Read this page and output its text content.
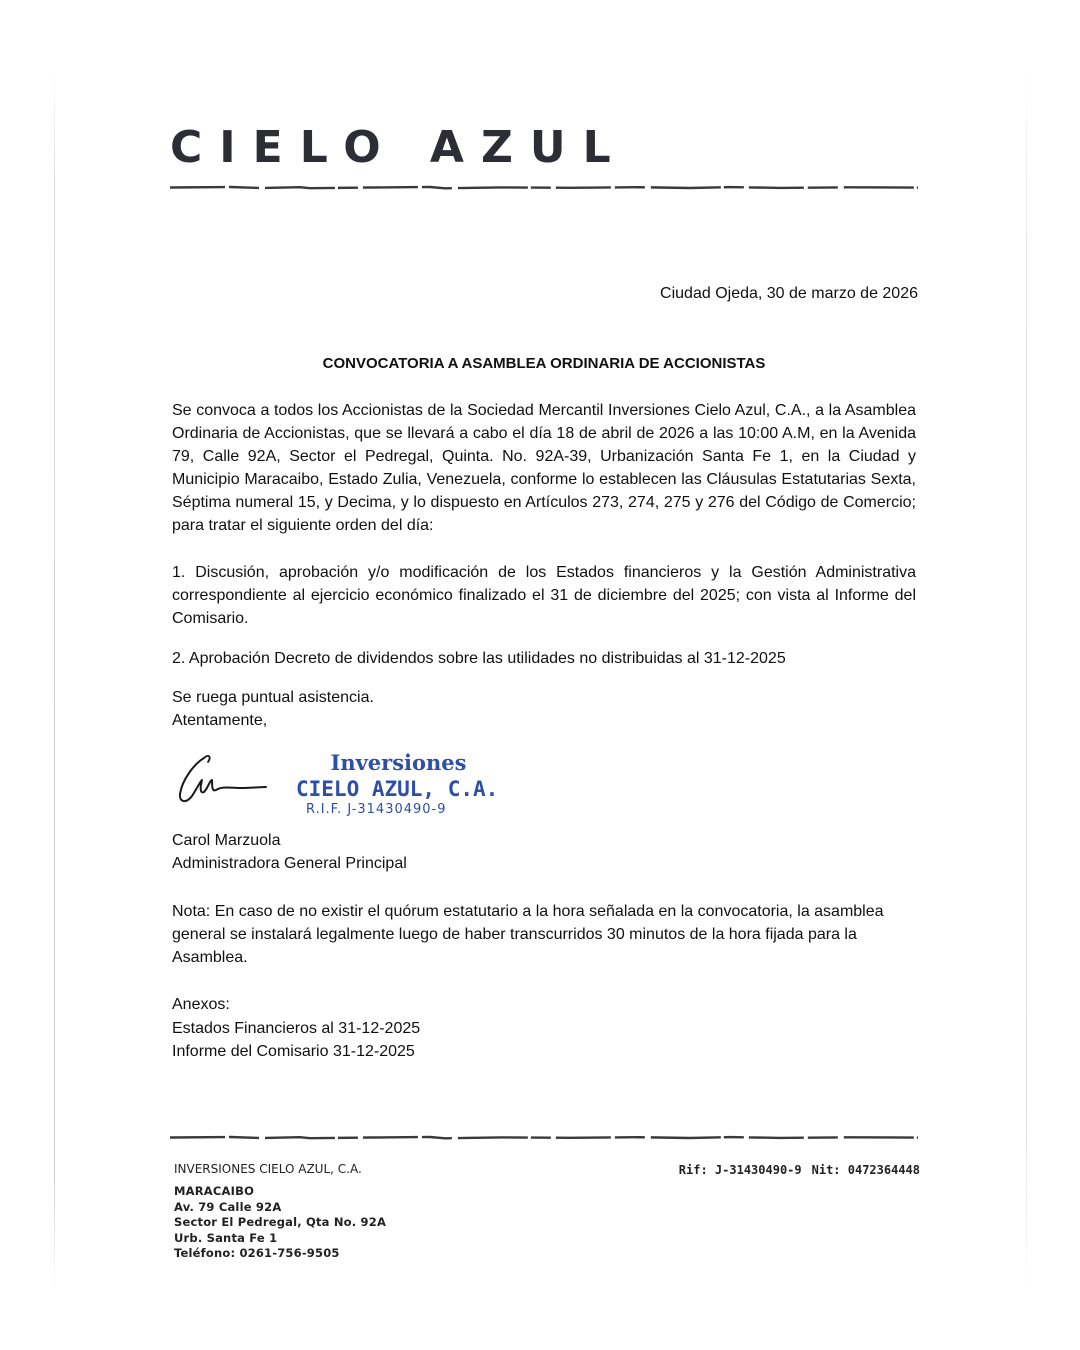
CIELO AZUL
Ciudad Ojeda, 30 de marzo de 2026
CONVOCATORIA A ASAMBLEA ORDINARIA DE ACCIONISTAS
Se convoca a todos los Accionistas de la Sociedad Mercantil Inversiones Cielo Azul, C.A., a la Asamblea Ordinaria de Accionistas, que se llevará a cabo el día 18 de abril de 2026 a las 10:00 A.M, en la Avenida 79, Calle 92A, Sector el Pedregal, Quinta. No. 92A-39, Urbanización Santa Fe 1, en la Ciudad y Municipio Maracaibo, Estado Zulia, Venezuela, conforme lo establecen las Cláusulas Estatutarias Sexta, Séptima numeral 15, y Decima, y lo dispuesto en Artículos 273, 274, 275 y 276 del Código de Comercio; para tratar el siguiente orden del día:
1. Discusión, aprobación y/o modificación de los Estados financieros y la Gestión Administrativa correspondiente al ejercicio económico finalizado el 31 de diciembre del 2025; con vista al Informe del Comisario.
2. Aprobación Decreto de dividendos sobre las utilidades no distribuidas al 31-12-2025
Se ruega puntual asistencia.
Atentamente,
Inversiones
CIELO AZUL, C.A.
R.I.F. J-31430490-9
Carol Marzuola
Administradora General Principal
Nota: En caso de no existir el quórum estatutario a la hora señalada en la convocatoria, la asamblea general se instalará legalmente luego de haber transcurridos 30 minutos de la hora fijada para la Asamblea.
Anexos:
Estados Financieros al 31-12-2025
Informe del Comisario 31-12-2025
INVERSIONES CIELO AZUL, C.A.
MARACAIBO
Av. 79 Calle 92A
Sector El Pedregal, Qta No. 92A
Urb. Santa Fe 1
Teléfono: 0261-756-9505
Rif: J-31430490-9 Nit: 0472364448
